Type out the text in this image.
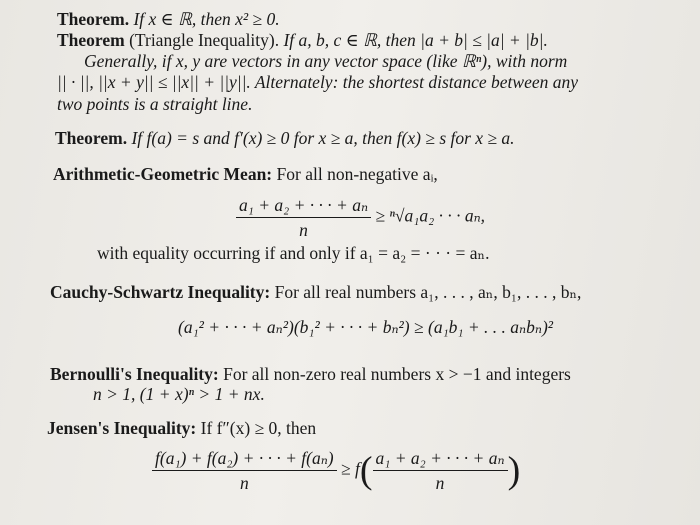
Theorem. If x ∈ ℝ, then x² ≥ 0.
Theorem (Triangle Inequality). If a, b, c ∈ ℝ, then |a + b| ≤ |a| + |b|.
Generally, if x, y are vectors in any vector space (like ℝⁿ), with norm
|| · ||, ||x + y|| ≤ ||x|| + ||y||. Alternately: the shortest distance between any
two points is a straight line.
Theorem. If f(a) = s and f′(x) ≥ 0 for x ≥ a, then f(x) ≥ s for x ≥ a.
Arithmetic-Geometric Mean: For all non-negative aᵢ,
$\frac{\text{a₁ + a₂ + · · · + aₙ}}{n} \ge ^n√a_1a_2$ · · · aₙ,
with equality occurring if and only if a₁ = a₂ = · · · = aₙ.
Cauchy-Schwartz Inequality: For all real numbers a₁, . . . , aₙ, b₁, . . . , bₙ,
(a₁² + · · · + aₙ²)(b₁² + · · · + bₙ²) ≥ (a₁b₁ + . . . aₙbₙ)²
Bernoulli's Inequality: For all non-zero real numbers x > −1 and integers
n > 1, (1 + x)ⁿ > 1 + nx.
Jensen's Inequality: If f″(x) ≥ 0, then
$\frac{\text{f(a₁) + f(a₂) + · · · + f(aₙ)}}{n} \ge f( \frac{\text{a₁ + a₂ + · · · + aₙ}}{n}$ )
